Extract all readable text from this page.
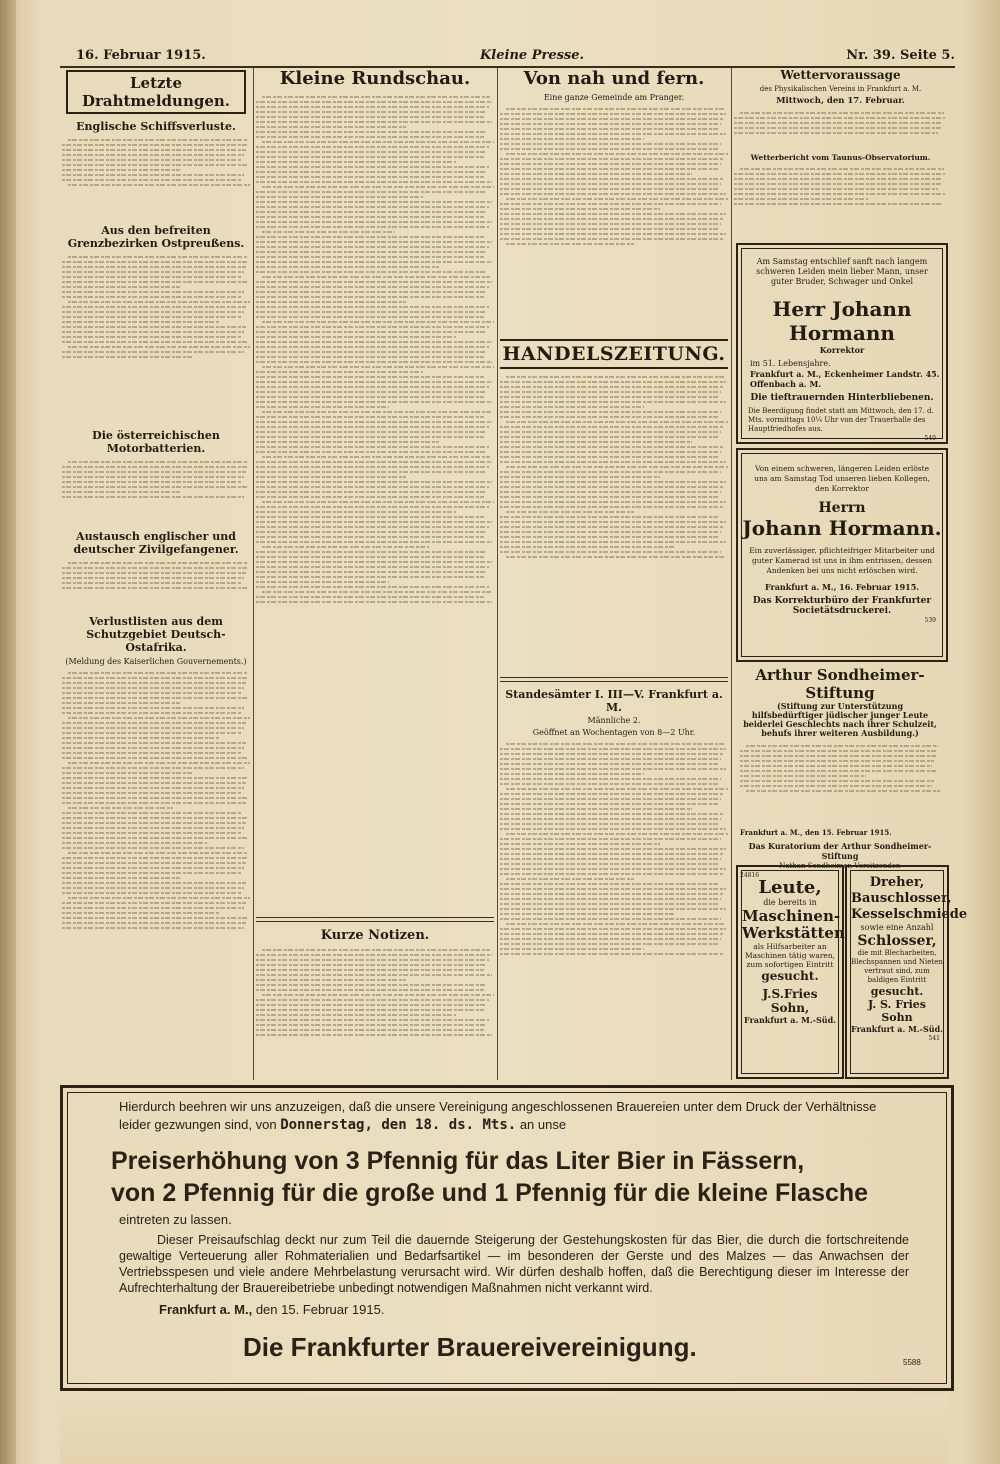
16. Februar 1915.	Kleine Presse.	Nr. 39. Seite 5.
Letzte Drahtmeldungen.
Englische Schiffsverluste.
Aus den befreiten Grenzbezirken Ostpreußens.
Die österreichischen Motorbatterien.
Austausch englischer und deutscher Zivilgefangener.
Verlustlisten aus dem Schutzgebiet Deutsch-Ostafrika.
(Meldung des Kaiserlichen Gouvernements.)
Kleine Rundschau.
Kurze Notizen.
Von nah und fern.
Eine ganze Gemeinde am Pranger.
HANDELSZEITUNG.
Standesämter I. III—V. Frankfurt a. M.
Männliche 2.
Geöffnet an Wochentagen von 8—2 Uhr.
Wettervoraussage
des Physikalischen Vereins in Frankfurt a. M.
Mittwoch, den 17. Februar.
Wetterbericht vom Taunus-Observatorium.
Am Samstag entschlief sanft nach langem schweren Leiden mein lieber Mann, unser guter Bruder, Schwager und Onkel
Herr Johann Hormann
Korrektor
im 51. Lebensjahre.
Frankfurt a. M., Eckenheimer Landstr. 45.
Offenbach a. M.
Die tieftrauernden Hinterbliebenen.
Die Beerdigung findet statt am Mittwoch, den 17. d. Mts. vormittags 10¼ Uhr von der Trauerhalle des Hauptfriedhofes aus.
540
Von einem schweren, längeren Leiden erlöste uns am Samstag Tod unseren lieben Kollegen, den Korrektor
Herrn
Johann Hormann.
Ein zuverlässiger, pflichteifriger Mitarbeiter und guter Kamerad ist uns in ihm entrissen, dessen Andenken bei uns nicht erlöschen wird.
Frankfurt a. M., 16. Februar 1915.
Das Korrekturbüro der Frankfurter Societätsdruckerei.
539
Arthur Sondheimer-Stiftung
(Stiftung zur Unterstützung hilfsbedürftiger jüdischer junger Leute beiderlei Geschlechts nach ihrer Schulzeit, behufs ihrer weiteren Ausbildung.)
Frankfurt a. M., den 15. Februar 1915.
Das Kuratorium der Arthur Sondheimer-Stiftung
Nathan Sondheimer, Vorsitzender.
24816
Leute,
die bereits in
Maschinen-Werkstätten
als Hilfsarbeiter an Maschinen tätig waren, zum sofortigen Eintritt
gesucht.
J.S.Fries Sohn,
Frankfurt a. M.-Süd.
Dreher, Bauschlosser, Kesselschmiede
sowie eine Anzahl
Schlosser,
die mit Blecharbeiten, Blechspannen und Nieten vertraut sind, zum baldigen Eintritt
gesucht.
J. S. Fries Sohn
Frankfurt a. M.-Süd.
541
Hierdurch beehren wir uns anzuzeigen, daß die unsere Vereinigung angeschlossenen Brauereien unter dem Druck der Verhältnisse leider gezwungen sind, von Donnerstag, den 18. ds. Mts. an unse
Preiserhöhung von 3 Pfennig für das Liter Bier in Fässern,
von 2 Pfennig für die große und 1 Pfennig für die kleine Flasche
eintreten zu lassen.
Dieser Preisaufschlag deckt nur zum Teil die dauernde Steigerung der Gestehungskosten für das Bier, die durch die fortschreitende gewaltige Verteuerung aller Rohmaterialien und Bedarfsartikel — im besonderen der Gerste und des Malzes — das Anwachsen der Vertriebsspesen und viele andere Mehrbelastung verursacht wird. Wir dürfen deshalb hoffen, daß die Berechtigung dieser im Interesse der Aufrechterhaltung der Brauereibetriebe unbedingt notwendigen Maßnahmen nicht verkannt wird.
Frankfurt a. M., den 15. Februar 1915.
Die Frankfurter Brauereivereinigung.
5588
